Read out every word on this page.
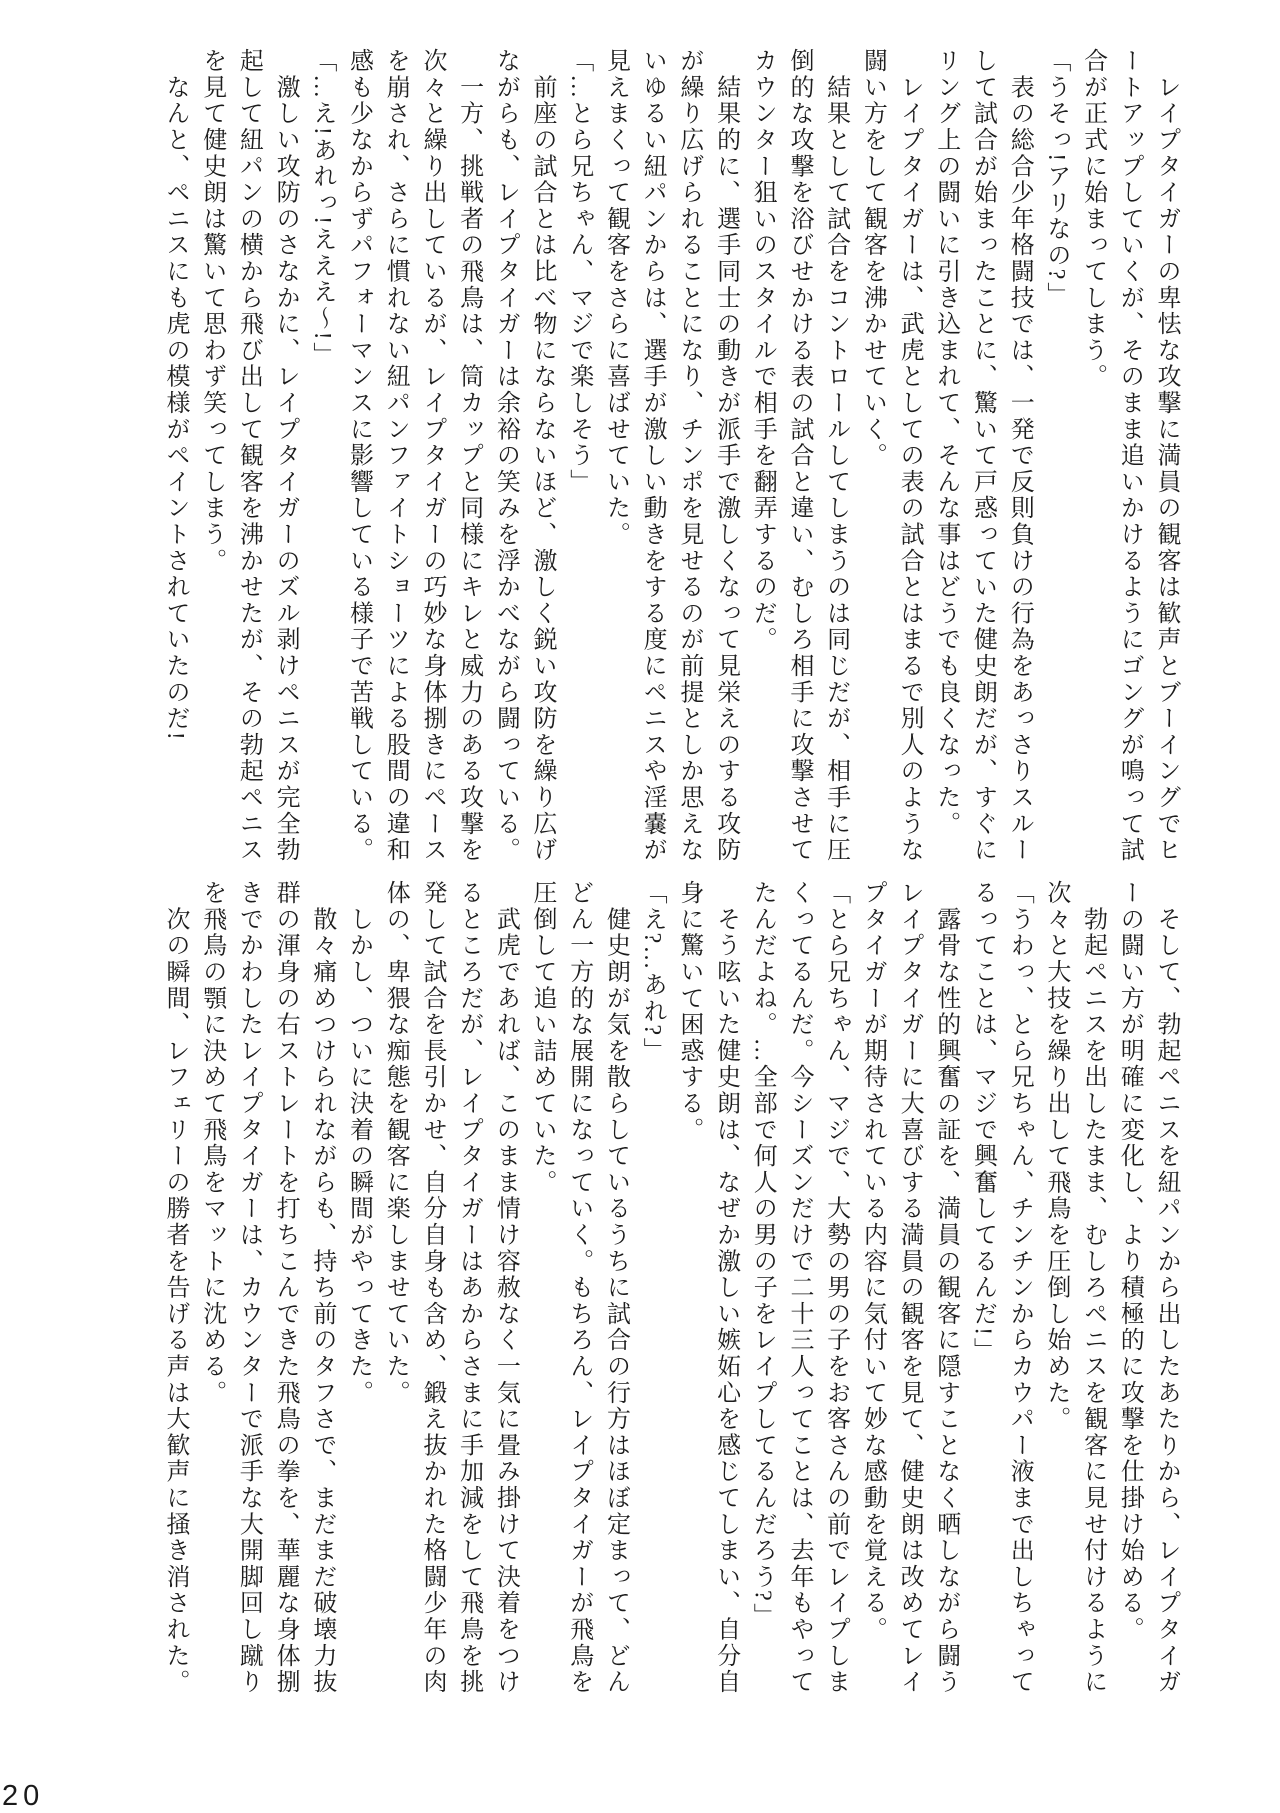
　レイプタイガーの卑怯な攻撃に満員の観客は歓声とブーイングでヒ
ートアップしていくが、そのまま追いかけるようにゴングが鳴って試
合が正式に始まってしまう。
「うそっ!アリなの?」
　表の総合少年格闘技では、一発で反則負けの行為をあっさりスルー
して試合が始まったことに、驚いて戸惑っていた健史朗だが、すぐに
リング上の闘いに引き込まれて、そんな事はどうでも良くなった。
　レイプタイガーは、武虎としての表の試合とはまるで別人のような
闘い方をして観客を沸かせていく。
　結果として試合をコントロールしてしまうのは同じだが、相手に圧
倒的な攻撃を浴びせかける表の試合と違い、むしろ相手に攻撃させて
カウンター狙いのスタイルで相手を翻弄するのだ。
　結果的に、選手同士の動きが派手で激しくなって見栄えのする攻防
が繰り広げられることになり、チンポを見せるのが前提としか思えな
いゆるい紐パンからは、選手が激しい動きをする度にペニスや淫嚢が
見えまくって観客をさらに喜ばせていた。
「…とら兄ちゃん、マジで楽しそう」
　前座の試合とは比べ物にならないほど、激しく鋭い攻防を繰り広げ
ながらも、レイプタイガーは余裕の笑みを浮かべながら闘っている。
　一方、挑戦者の飛鳥は、筒カップと同様にキレと威力のある攻撃を
次々と繰り出しているが、レイプタイガーの巧妙な身体捌きにペース
を崩され、さらに慣れない紐パンファイトショーツによる股間の違和
感も少なからずパフォーマンスに影響している様子で苦戦している。
「…え!あれっ!えええ〜!」
　激しい攻防のさなかに、レイプタイガーのズル剥けペニスが完全勃
起して紐パンの横から飛び出して観客を沸かせたが、その勃起ペニス
を見て健史朗は驚いて思わず笑ってしまう。
　なんと、ペニスにも虎の模様がペイントされていたのだ!
　そして、勃起ペニスを紐パンから出したあたりから、レイプタイガ
ーの闘い方が明確に変化し、より積極的に攻撃を仕掛け始める。
　勃起ペニスを出したまま、むしろペニスを観客に見せ付けるように
次々と大技を繰り出して飛鳥を圧倒し始めた。
「うわっ、とら兄ちゃん、チンチンからカウパー液まで出しちゃって
るってことは、マジで興奮してるんだ!」
　露骨な性的興奮の証を、満員の観客に隠すことなく晒しながら闘う
レイプタイガーに大喜びする満員の観客を見て、健史朗は改めてレイ
プタイガーが期待されている内容に気付いて妙な感動を覚える。
「とら兄ちゃん、マジで、大勢の男の子をお客さんの前でレイプしま
くってるんだ。今シーズンだけで二十三人ってことは、去年もやって
たんだよね。…全部で何人の男の子をレイプしてるんだろう?」
　そう呟いた健史朗は、なぜか激しい嫉妬心を感じてしまい、自分自
身に驚いて困惑する。
「え?…あれ?」
　健史朗が気を散らしているうちに試合の行方はほぼ定まって、どん
どん一方的な展開になっていく。もちろん、レイプタイガーが飛鳥を
圧倒して追い詰めていた。
　武虎であれば、このまま情け容赦なく一気に畳み掛けて決着をつけ
るところだが、レイプタイガーはあからさまに手加減をして飛鳥を挑
発して試合を長引かせ、自分自身も含め、鍛え抜かれた格闘少年の肉
体の、卑猥な痴態を観客に楽しませていた。
　しかし、ついに決着の瞬間がやってきた。
　散々痛めつけられながらも、持ち前のタフさで、まだまだ破壊力抜
群の渾身の右ストレートを打ちこんできた飛鳥の拳を、華麗な身体捌
きでかわしたレイプタイガーは、カウンターで派手な大開脚回し蹴り
を飛鳥の顎に決めて飛鳥をマットに沈める。
　次の瞬間、レフェリーの勝者を告げる声は大歓声に掻き消された。
20
